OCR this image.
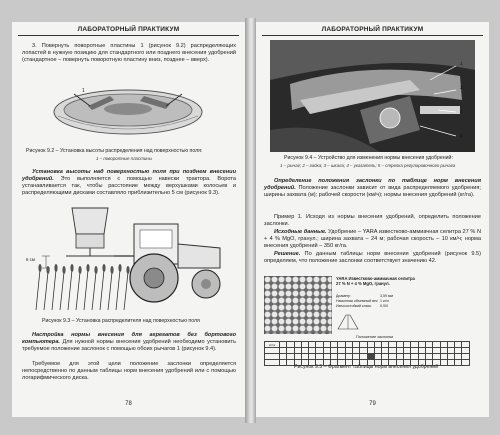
ЛАБОРАТОРНЫЙ ПРАКТИКУМ
3. Повернуть поворотные пластины 1 (рисунок 9.2) распределяющих лопастей в нужную позицию для стандартного или позднего внесения удобрений (стандартное – повернуть поворотную пластину вниз, позднее – вверх).
1
Рисунок 9.2 – Установка высоты распределения над поверхностью поля:
1 – поворотные пластины
Установка высоты над поверхностью поля при позднем внесении удобрений. Это выполняется с помощью навески трактора. Ворота устанавливается так, чтобы расстояние между верхушками колосьев и распределяющими дисками составляло приблизительно 5 см (рисунок 9.3).
5 см
Рисунок 9.3 – Установка распределителя над поверхностью поля
Настройка нормы внесения для агрегатов без бортового компьютера. Для нужной нормы внесения удобрений необходимо установить требуемое положение заслонок с помощью обоих рычагов 1 (рисунок 9.4).
Требуемое для этой цели положение заслонки определяется непосредственно по данным таблицы норм внесения удобрений или с помощью логарифмического диска.
78
ЛАБОРАТОРНЫЙ ПРАКТИКУМ
1
2
3
4
Рисунок 9.4 – Устройство для изменения нормы внесения удобрений:
1 – рычаг; 2 – гайка; 3 – шкала; 4 – указатель; 5 – стрелка регулировочного рычага
Определение положения заслонки по таблице норм внесения удобрений. Положение заслонки зависит от вида распределяемого удобрения; ширины захвата (м); рабочей скорости (км/ч); нормы внесения удобрений (кг/га).
Пример 1. Исходя из нормы внесения удобрений, определить положение заслонки.
Исходные данные. Удобрение – YARA известково-аммиачная селитра 27 % N + 4 % MgO, гранул.; ширина захвата – 24 м; рабочая скорость – 10 км/ч; норма внесения удобрений – 350 кг/га.
Решение. По данным таблицы норм внесения удобрений (рисунок 9.5) определяем, что положение заслонки соответствует значению 42.
YARA Известково-аммиачная селитра
27 % N + 4 % MgO, гранул.
Диаметр	3,59 мм
Насыпная объемный вес 1 кг/л
Износостойкий класс 0,9/0
Положение заслонки
кг/га																										

Рисунок 9.5 – Фрагмент таблицы норм внесения удобрений
79
